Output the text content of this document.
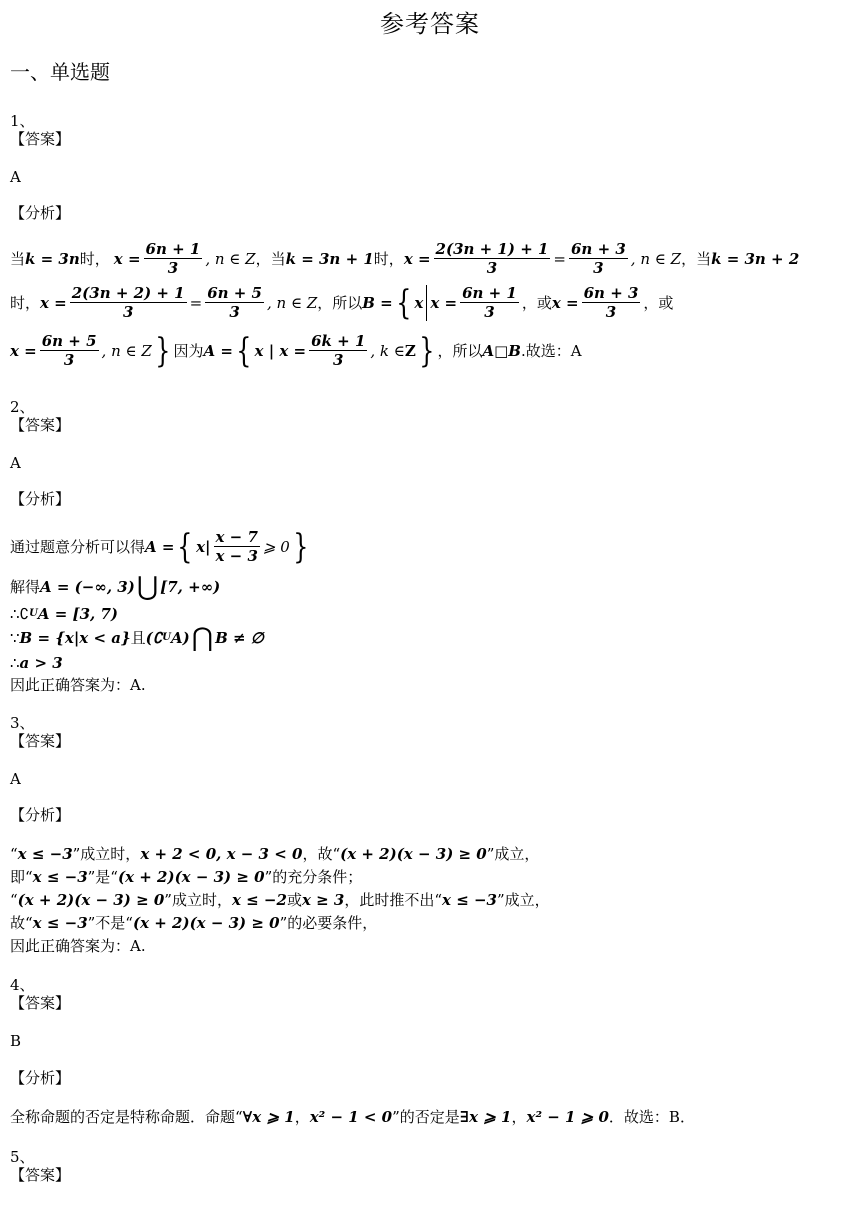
参考答案
一、单选题
1、
【答案】
A
【分析】
当 k = 3n 时， $x = \frac{6n + 1}{3}$ , n ∈ Z ，当 k = 3n + 1 时， $x = \frac{2(3n + 1) + 1}{3} = \frac{6n + 3}{3}$ , n ∈ Z ，当 k = 3n + 2
时， $x = \frac{2(3n + 2) + 1}{3} = \frac{6n + 5}{3}$ , n ∈ Z ，所以 B = { x $x = \frac{6n + 1}{3}$ ，或 $x = \frac{6n + 3}{3}$ ，或
$x = \frac{6n + 5}{3}$ , n ∈ Z } 因为 A = { x | $x = \frac{6k + 1}{3}$ , k ∈ Z } ，所以 A□B .故选：A
2、
【答案】
A
【分析】
通过题意分析可以得 A = { $x| \frac{x - 7}{x - 3}$ ⩾ 0 }
解得 A = (−∞, 3) ⋃ [7, +∞)
∴ ∁ U A = [3, 7)
∵ B = {x|x < a} 且 (∁ U A) ⋂ B ≠ ∅
∴ a > 3
因此正确答案为：A.
3、
【答案】
A
【分析】
“ x ≤ −3 ”成立时， x + 2 < 0, x − 3 < 0 ，故“ (x + 2)(x − 3) ≥ 0 ”成立，
即“ x ≤ −3 ”是“ (x + 2)(x − 3) ≥ 0 ”的充分条件；
“ (x + 2)(x − 3) ≥ 0 ”成立时， x ≤ −2 或 x ≥ 3 ，此时推不出“ x ≤ −3 ”成立，
故“ x ≤ −3 ”不是“ (x + 2)(x − 3) ≥ 0 ”的必要条件，
因此正确答案为：A.
4、
【答案】
B
【分析】
全称命题的否定是特称命题．命题“ ∀x ⩾ 1 ， x² − 1 < 0 ”的否定是 ∃x ⩾ 1 ， x² − 1 ⩾ 0 ．故选：B．
5、
【答案】
